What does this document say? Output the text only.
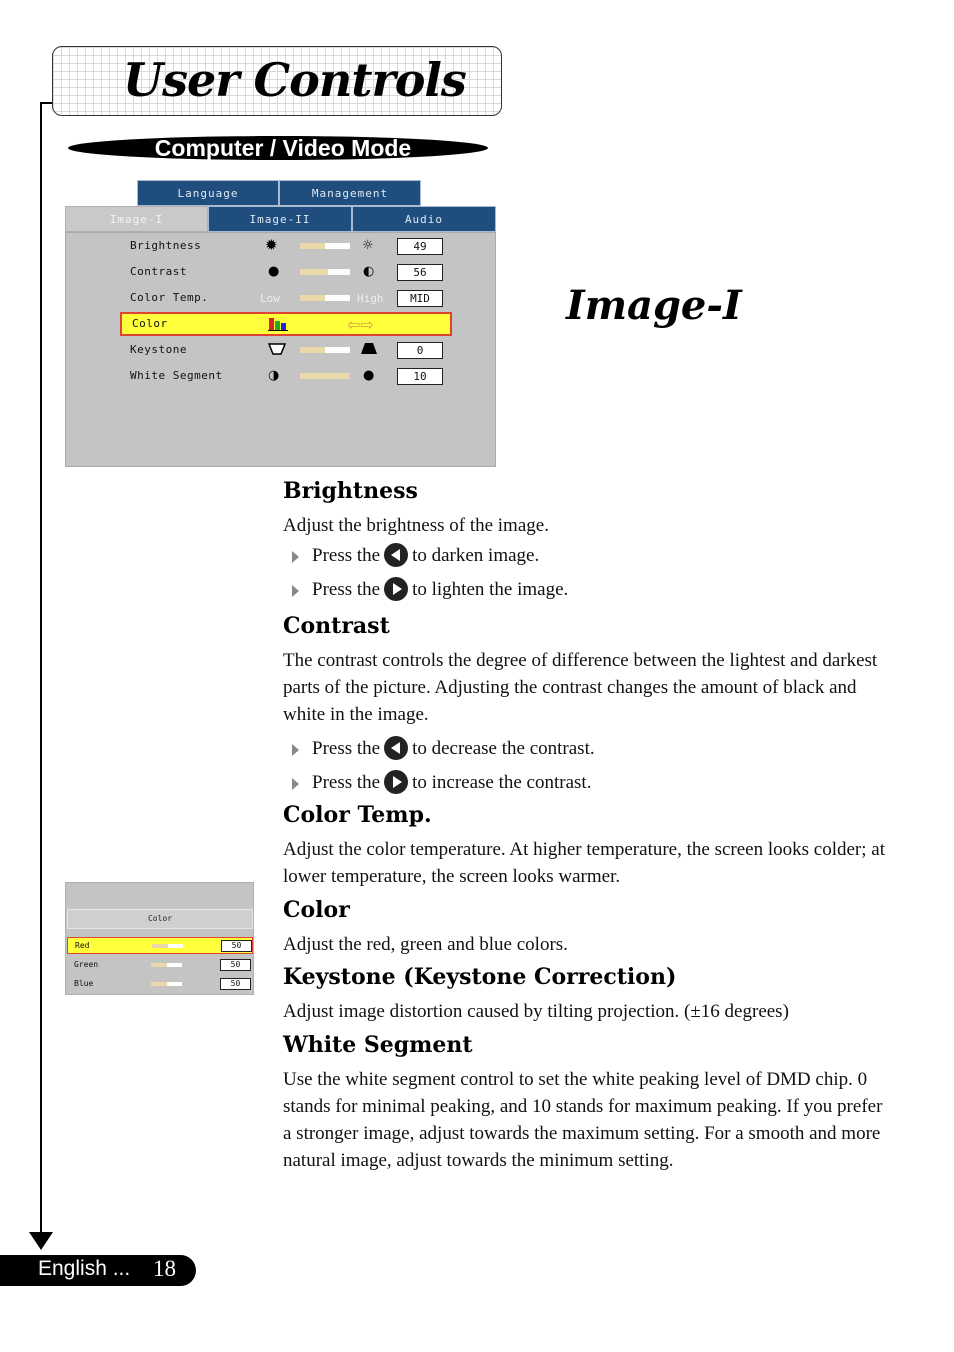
User Controls
Computer / Video Mode
Language	Management
Image-I	Image-II	Audio
Brightness	✹	☼	49
Contrast	●	◐	56
Color Temp.	Low	High	MID
Color	⇦⇨
Keystone	0
White Segment	◑	●	10
Image-I
Color
Red	50
Green	50
Blue	50
Brightness

Adjust the brightness of the image.

Press the to darken image.
Press the to lighten the image.
Contrast

The contrast controls the degree of difference between the lightest and darkest parts of the picture. Adjusting the contrast changes the amount of black and white in the image.

Press the to decrease the contrast.
Press the to increase the contrast.
Color Temp.

Adjust the color temperature. At higher temperature, the screen looks colder; at lower temperature, the screen looks warmer.

Color

Adjust the red, green and blue colors.

Keystone (Keystone Correction)

Adjust image distortion caused by tilting projection. (±16 degrees)

White Segment

Use the white segment control to set the white peaking level of DMD chip. 0 stands for minimal peaking, and 10 stands for maximum peaking. If you prefer a stronger image, adjust towards the maximum setting. For a smooth and more natural image, adjust towards the minimum setting.

English ... 18
